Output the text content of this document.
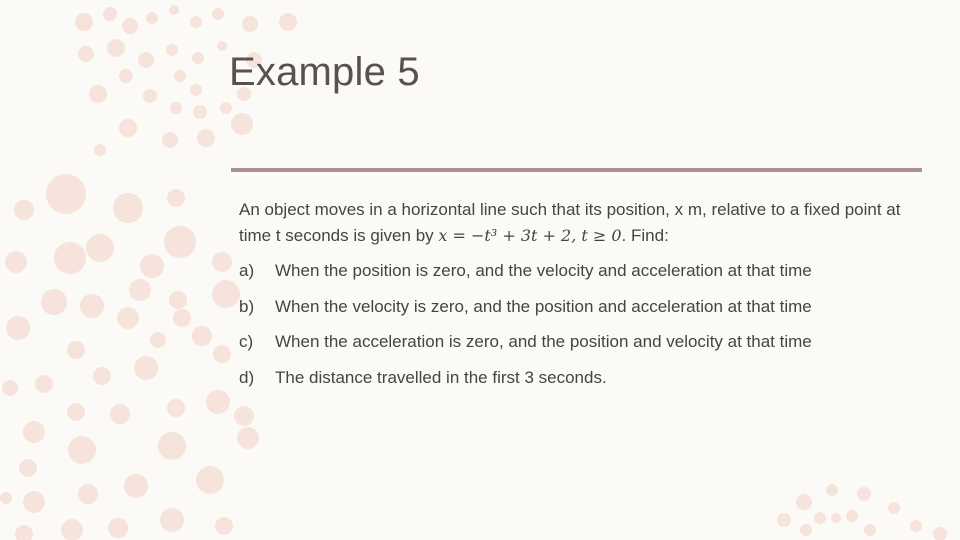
Example 5

An object moves in a horizontal line such that its position, x m, relative to a fixed point at time t seconds is given by x = −t³ + 3t + 2, t ≥ 0. Find:

a)	When the position is zero, and the velocity and acceleration at that time
b)	When the velocity is zero, and the position and acceleration at that time
c)	When the acceleration is zero, and the position and velocity at that time
d)	The distance travelled in the first 3 seconds.
